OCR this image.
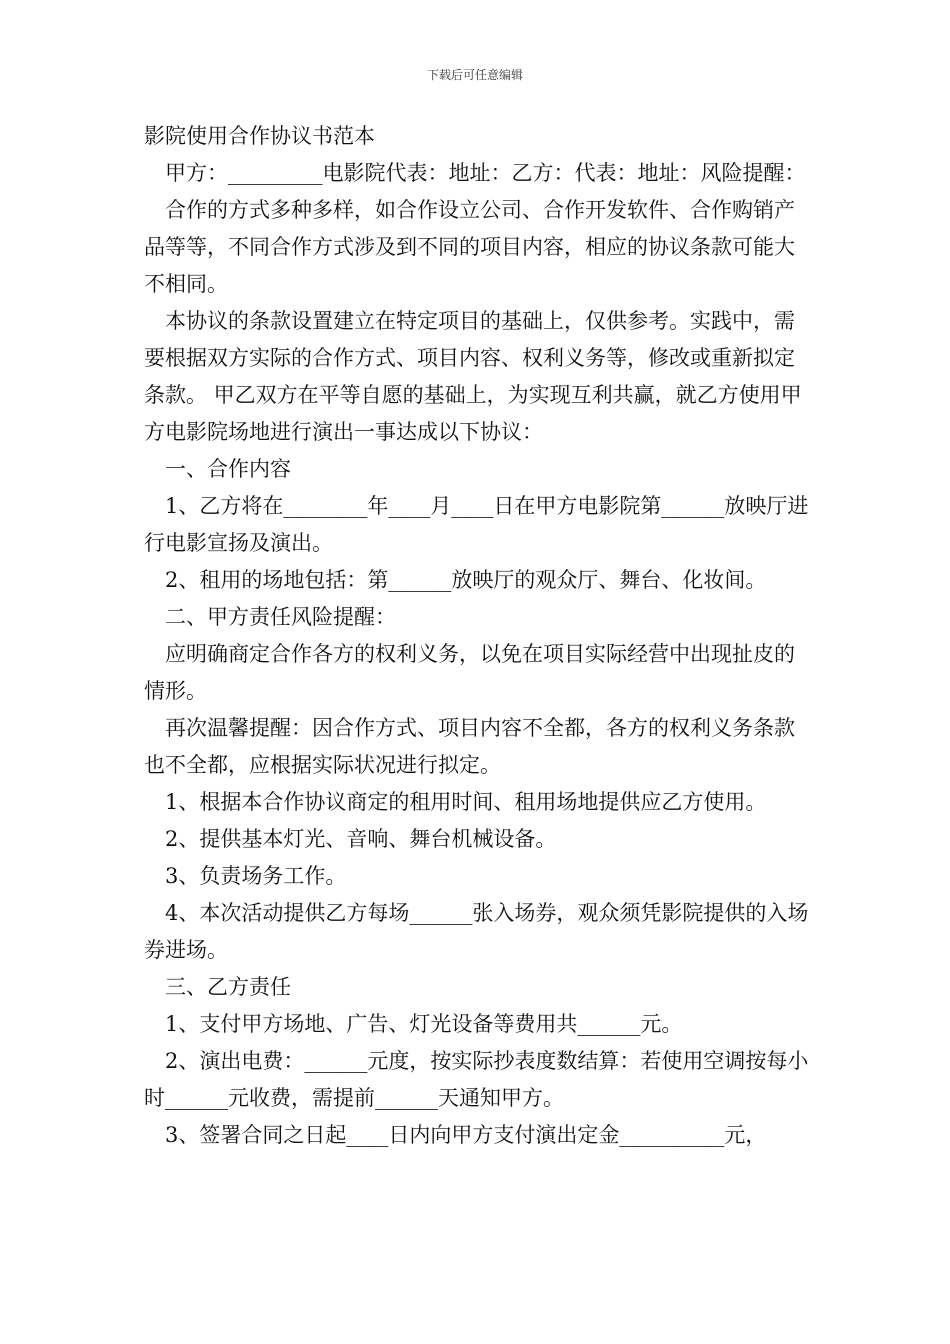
下载后可任意编辑

影院使用合作协议书范本

甲方：_________电影院代表：地址：乙方：代表：地址：风险提醒：

合作的方式多种多样，如合作设立公司、合作开发软件、合作购销产品等等，不同合作方式涉及到不同的项目内容，相应的协议条款可能大不相同。

本协议的条款设置建立在特定项目的基础上，仅供参考。实践中，需要根据双方实际的合作方式、项目内容、权利义务等，修改或重新拟定条款。 甲乙双方在平等自愿的基础上，为实现互利共赢，就乙方使用甲方电影院场地进行演出一事达成以下协议：

一、合作内容

1、乙方将在________年____月____日在甲方电影院第______放映厅进行电影宣扬及演出。

2、租用的场地包括：第______放映厅的观众厅、舞台、化妆间。

二、甲方责任风险提醒：

应明确商定合作各方的权利义务，以免在项目实际经营中出现扯皮的情形。

再次温馨提醒：因合作方式、项目内容不全都，各方的权利义务条款也不全都，应根据实际状况进行拟定。

1、根据本合作协议商定的租用时间、租用场地提供应乙方使用。

2、提供基本灯光、音响、舞台机械设备。

3、负责场务工作。

4、本次活动提供乙方每场______张入场券，观众须凭影院提供的入场券进场。

三、乙方责任

1、支付甲方场地、广告、灯光设备等费用共______元。

2、演出电费：______元度，按实际抄表度数结算：若使用空调按每小时______元收费，需提前______天通知甲方。

3、签署合同之日起____日内向甲方支付演出定金__________元，
